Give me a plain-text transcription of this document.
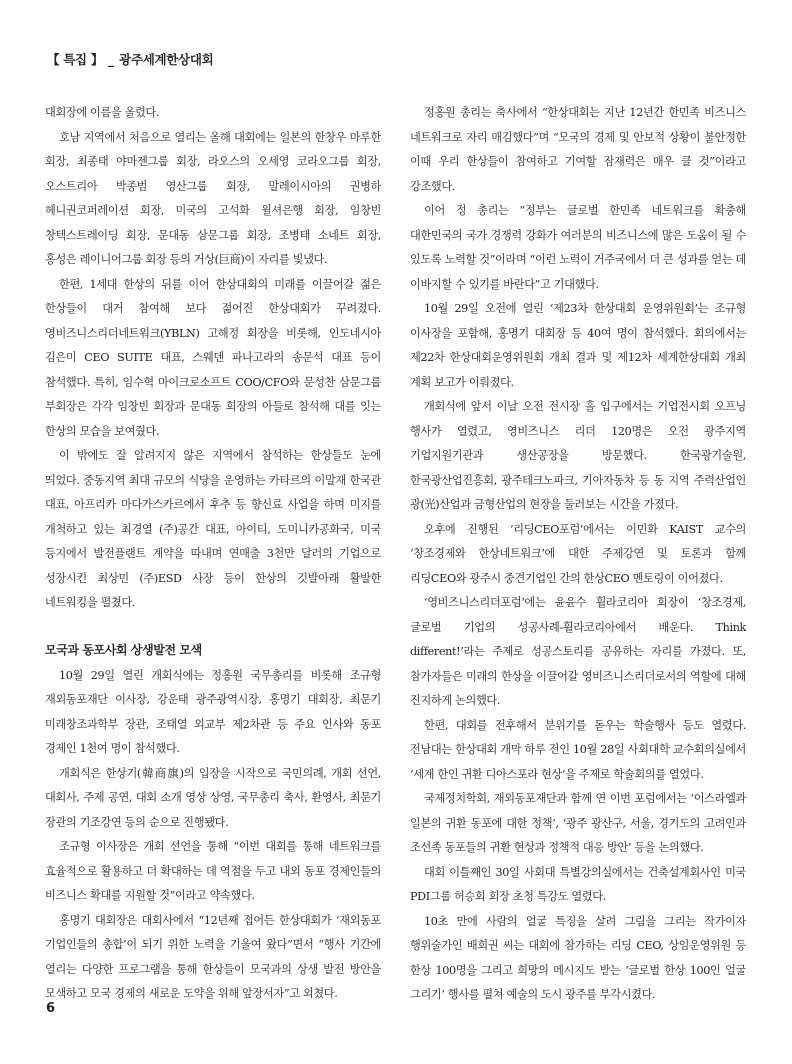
【 특집 】 _ 광주세계한상대회

대회장에 이름을 올렸다.

호남 지역에서 처음으로 열리는 올해 대회에는 일본의 한창우 마루한 회장, 최종태 야마젠그룹 회장, 라오스의 오세영 코라오그룹 회장, 오스트리아 박종범 영산그룹 회장, 말레이시아의 권병하 헤니권코퍼레이션 회장, 미국의 고석화 윌셔은행 회장, 임창빈 창텍스트레이딩 회장, 문대동 삼문그룹 회장, 조병태 소네트 회장, 홍성은 레이니어그룹 회장 등의 거상(巨商)이 자리를 빛냈다.

한편, 1세대 한상의 뒤를 이어 한상대회의 미래를 이끌어갈 젊은 한상들이 대거 참여해 보다 젊어진 한상대회가 꾸려졌다. 영비즈니스리더네트워크(YBLN) 고해정 회장을 비롯해, 인도네시아 김은미 CEO SUITE 대표, 스웨덴 파나고라의 송문석 대표 등이 참석했다. 특히, 임수혁 마이크로소프트 COO/CFO와 문성찬 삼문그룹 부회장은 각각 임창빈 회장과 문대동 회장의 아들로 참석해 대를 잇는 한상의 모습을 보여줬다.

이 밖에도 잘 알려지지 않은 지역에서 참석하는 한상들도 눈에 띄었다. 중동지역 최대 규모의 식당을 운영하는 카타르의 이말재 한국관 대표, 아프리카 마다가스카르에서 후추 등 향신료 사업을 하며 미지를 개척하고 있는 최경열 (주)공간 대표, 아이티, 도미니카공화국, 미국 등지에서 발전플랜트 계약을 따내며 연매출 3천만 달러의 기업으로 성장시킨 최상민 (주)ESD 사장 등이 한상의 깃발아래 활발한 네트워킹을 펼쳤다.

모국과 동포사회 상생발전 모색

10월 29일 열린 개회식에는 정홍원 국무총리를 비롯해 조규형 재외동포재단 이사장, 강운태 광주광역시장, 홍명기 대회장, 최문기 미래창조과학부 장관, 조태열 외교부 제2차관 등 주요 인사와 동포 경제인 1천여 명이 참석했다.

개회식은 한상기(韓商旗)의 입장을 시작으로 국민의례, 개회 선언, 대회사, 주제 공연, 대회 소개 영상 상영, 국무총리 축사, 환영사, 최문기 장관의 기조강연 등의 순으로 진행됐다.

조규형 이사장은 개회 선언을 통해 “이번 대회를 통해 네트워크를 효율적으로 활용하고 더 확대하는 데 역점을 두고 내외 동포 경제인들의 비즈니스 확대를 지원할 것”이라고 약속했다.

홍명기 대회장은 대회사에서 “12년째 접어든 한상대회가 ‘재외동포 기업인들의 총합’이 되기 위한 노력을 기울여 왔다”면서 “행사 기간에 열리는 다양한 프로그램을 통해 한상들이 모국과의 상생 발전 방안을 모색하고 모국 경제의 새로운 도약을 위해 앞장서자”고 외쳤다.

정홍원 총리는 축사에서 “한상대회는 지난 12년간 한민족 비즈니스 네트워크로 자리 매김했다”며 “모국의 경제 및 안보적 상황이 불안정한 이때 우리 한상들이 참여하고 기여할 잠재력은 매우 클 것”이라고 강조했다.

이어 정 총리는 “정부는 글로벌 한민족 네트워크를 확충해 대한민국의 국가 경쟁력 강화가 여러분의 비즈니스에 많은 도움이 될 수 있도록 노력할 것”이라며 “이런 노력이 거주국에서 더 큰 성과를 얻는 데 이바지할 수 있기를 바란다”고 기대했다.

10월 29일 오전에 열린 ‘제23차 한상대회 운영위원회’는 조규형 이사장을 포함해, 홍명기 대회장 등 40여 명이 참석했다. 회의에서는 제22차 한상대회운영위원회 개최 결과 및 제12차 세계한상대회 개최 계획 보고가 이뤄졌다.

개회식에 앞서 이날 오전 전시장 홀 입구에서는 기업전시회 오프닝 행사가 열렸고, 영비즈니스 리더 120명은 오전 광주지역 기업지원기관과 생산공장을 방문했다. 한국광기술원, 한국광산업진흥회, 광주테크노파크, 기아자동차 등 동 지역 주력산업인 광(光)산업과 금형산업의 현장을 둘러보는 시간을 가졌다.

오후에 진행된 ‘리딩CEO포럼’에서는 이민화 KAIST 교수의 ‘창조경제와 한상네트워크’에 대한 주제강연 및 토론과 함께 리딩CEO와 광주시 중견기업인 간의 한상CEO 멘토링이 이어졌다.

‘영비즈니스리더포럼’에는 윤윤수 휠라코리아 회장이 ‘창조경제, 글로벌 기업의 성공사례-휠라코리아에서 배운다. Think different!’라는 주제로 성공스토리를 공유하는 자리를 가졌다. 또, 참가자들은 미래의 한상을 이끌어갈 영비즈니스리더로서의 역할에 대해 진지하게 논의했다.

한편, 대회를 전후해서 분위기를 돋우는 학술행사 등도 열렸다. 전남대는 한상대회 개막 하루 전인 10월 28일 사회대학 교수회의실에서 ‘세계 한인 귀환 디아스포라 현상’을 주제로 학술회의를 열었다.

국제정치학회, 재외동포재단과 함께 연 이번 포럼에서는 ‘이스라엘과 일본의 귀환 동포에 대한 정책’, ‘광주 광산구, 서울, 경기도의 고려인과 조선족 동포들의 귀환 현상과 정책적 대응 방안’ 등을 논의했다.

대회 이틀째인 30일 사회대 특별강의실에서는 건축설계회사인 미국 PDI그룹 허승회 회장 초청 특강도 열렸다.

10초 만에 사람의 얼굴 특징을 살려 그림을 그리는 작가이자 행위술가인 배희권 씨는 대회에 참가하는 리딩 CEO, 상임운영위원 등 한상 100명을 그리고 희망의 메시지도 받는 ‘글로벌 한상 100인 얼굴 그리기’ 행사를 펼쳐 예술의 도시 광주를 부각시켰다.

6
